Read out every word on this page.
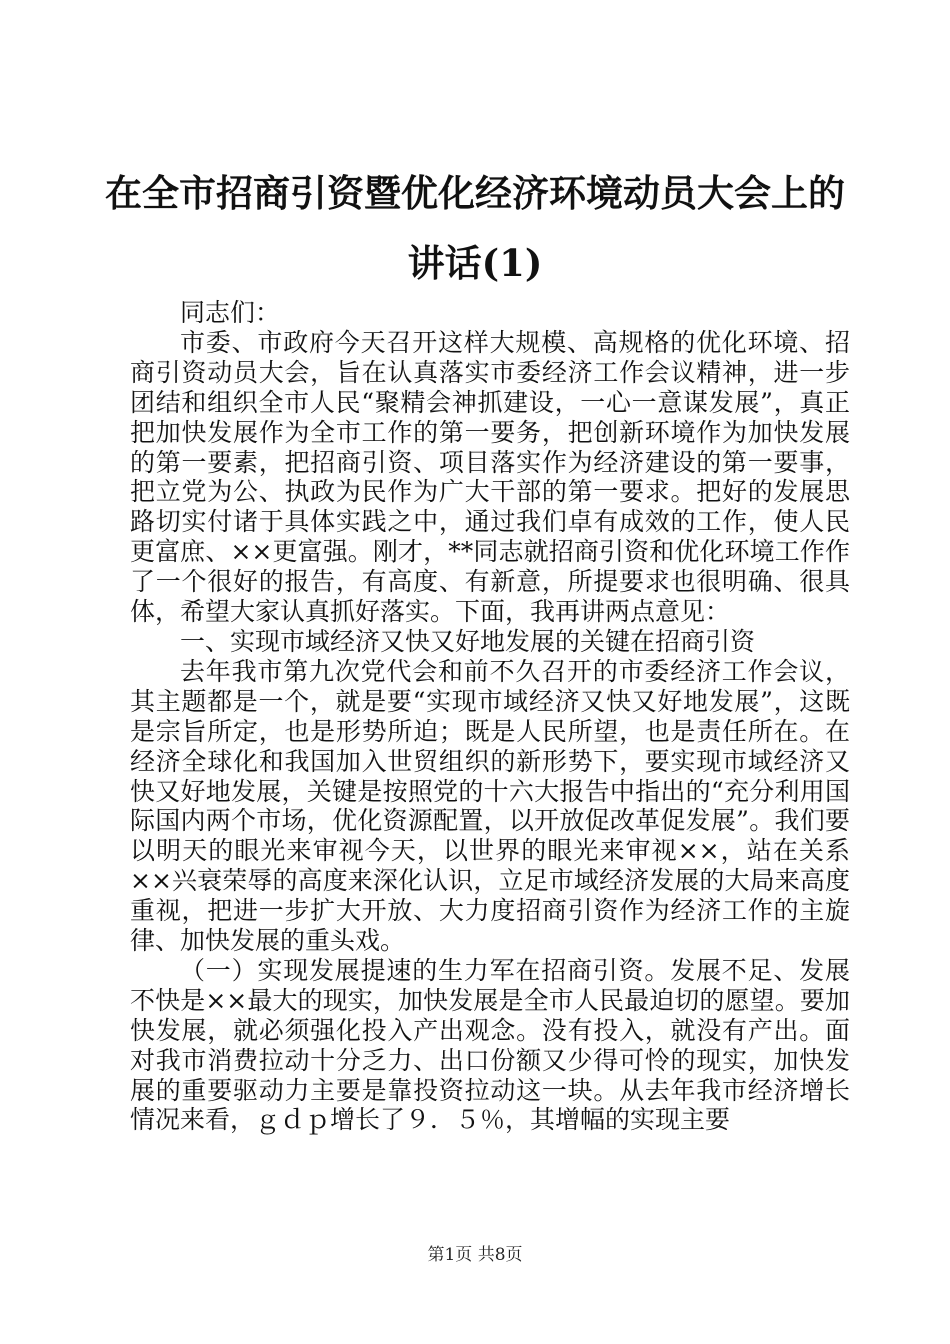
在全市招商引资暨优化经济环境动员大会上的讲话(1)

同志们：

市委、市政府今天召开这样大规模、高规格的优化环境、招商引资动员大会，旨在认真落实市委经济工作会议精神，进一步团结和组织全市人民“聚精会神抓建设，一心一意谋发展”，真正把加快发展作为全市工作的第一要务，把创新环境作为加快发展的第一要素，把招商引资、项目落实作为经济建设的第一要事，把立党为公、执政为民作为广大干部的第一要求。把好的发展思路切实付诸于具体实践之中，通过我们卓有成效的工作，使人民更富庶、××更富强。刚才，**同志就招商引资和优化环境工作作了一个很好的报告，有高度、有新意，所提要求也很明确、很具体，希望大家认真抓好落实。下面，我再讲两点意见：

一、实现市域经济又快又好地发展的关键在招商引资

去年我市第九次党代会和前不久召开的市委经济工作会议，其主题都是一个，就是要“实现市域经济又快又好地发展”，这既是宗旨所定，也是形势所迫；既是人民所望，也是责任所在。在经济全球化和我国加入世贸组织的新形势下，要实现市域经济又快又好地发展，关键是按照党的十六大报告中指出的“充分利用国际国内两个市场，优化资源配置，以开放促改革促发展”。我们要以明天的眼光来审视今天，以世界的眼光来审视××，站在关系××兴衰荣辱的高度来深化认识，立足市域经济发展的大局来高度重视，把进一步扩大开放、大力度招商引资作为经济工作的主旋律、加快发展的重头戏。

（一）实现发展提速的生力军在招商引资。发展不足、发展不快是××最大的现实，加快发展是全市人民最迫切的愿望。要加快发展，就必须强化投入产出观念。没有投入，就没有产出。面对我市消费拉动十分乏力、出口份额又少得可怜的现实，加快发展的重要驱动力主要是靠投资拉动这一块。从去年我市经济增长情况来看，ｇｄｐ增长了９．５％，其增幅的实现主要

第1页 共8页
